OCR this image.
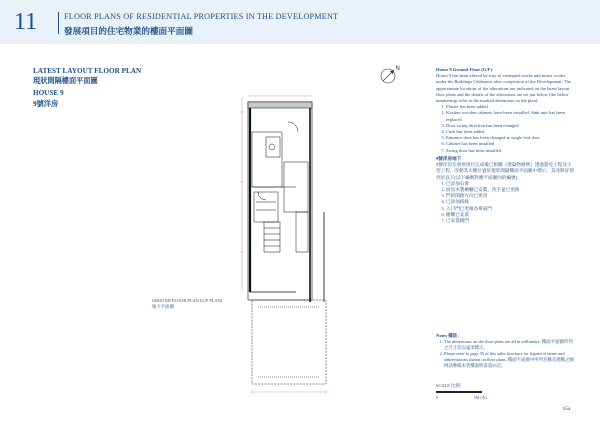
11	FLOOR PLANS OF RESIDENTIAL PROPERTIES IN THE DEVELOPMENT
發展項目的住宅物業的樓面平面圖
LATEST LAYOUT FLOOR PLAN
現狀間隔樓面平面圖
HOUSE 9
9號洋房
GROUND FLOOR PLAN (G/F PLAN)
地下平面圖
N	House 9 Ground Floor (G/F)

House 9 has been altered by way of exempted works and minor works under the Buildings Ordinance after completion of the Development. The approximate locations of the alterations are indicated on the latest layout floor plans and the details of the alterations are set out below (the below numberings refer to the marked alterations on the plan):

1. Plaster has been added
2. Kitchen wooden cabinets have been installed. Sink unit has been replaced
3. Door swing direction has been changed
4. Curb has been added
5. Entrance door has been changed to single leaf door
6. Cabinet has been installed
7. Swing door has been installed

9號洋房地下

9號洋房在發展項目完成後已根據《建築物條例》透過豁免工程及小型工程，改動其大概位置於現狀間隔樓面平面圖中標示，其改動詳情列於以下(以下編號對應平面圖內的編號)：

1. 已添加石膏
2. 廚房木製櫥櫃已安裝，洗手盆已更換
3. 門的開啟方向已更改
4. 已添加路緣
5. 入口門已更換為單扇門
6. 櫥櫃已安裝
7. 已安裝掩門
Notes 備註：
1. The dimensions on the floor plans are all in millimetre. 樓面平面圖所列之尺寸均以毫米標示。
2. Please refer to page 35 of this sales brochure for legend of terms and abbreviations shown on floor plans. 樓面平面圖中所列名稱及簡稱之圖例請參閱本售樓說明書第35頁。
SCALE 比例：
0	5M (米)
65a
